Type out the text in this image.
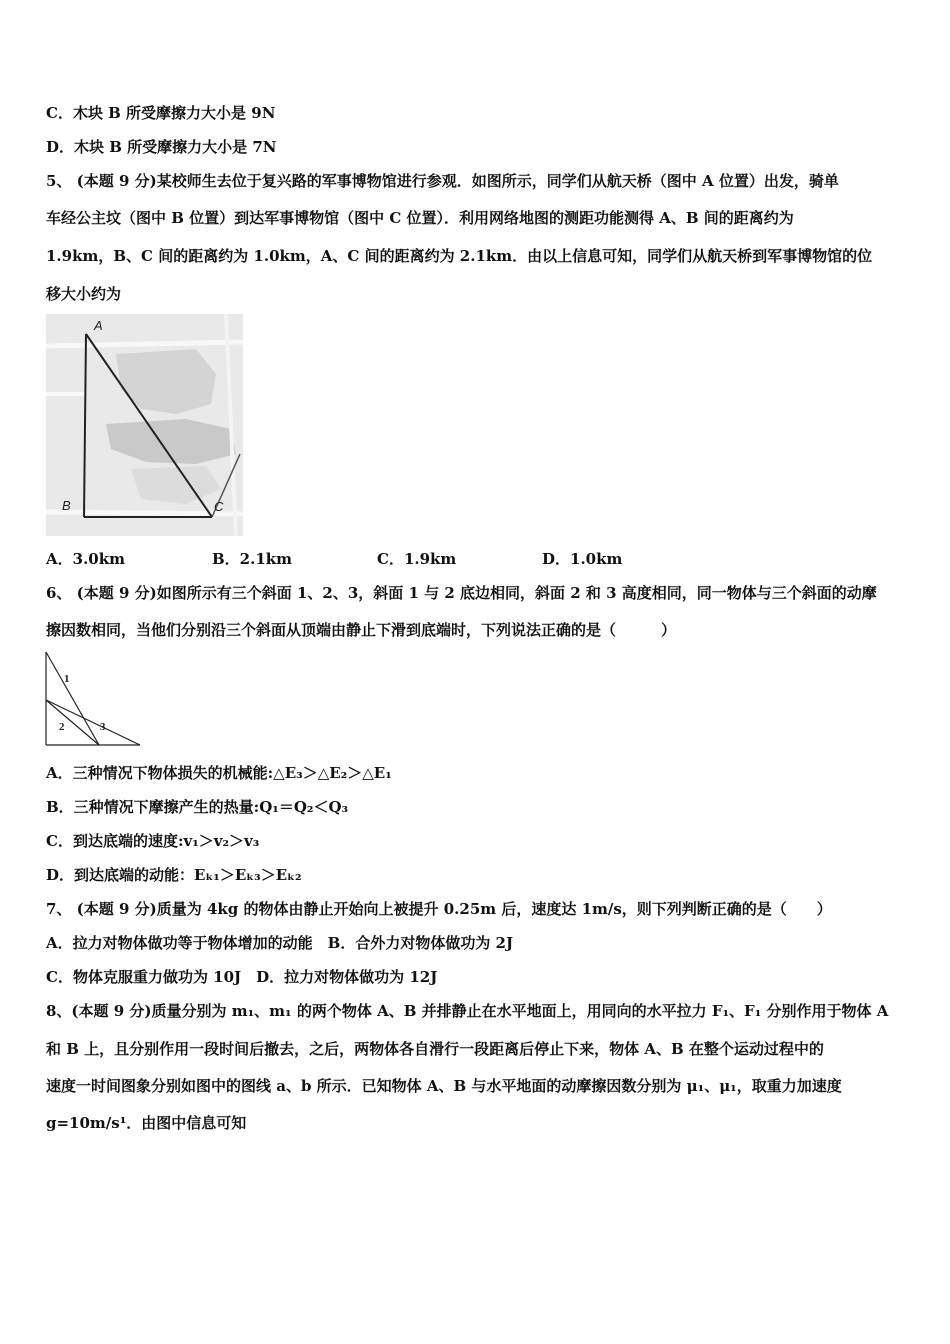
C．木块 B 所受摩擦力大小是 9N
D．木块 B 所受摩擦力大小是 7N
5、 (本题 9 分)某校师生去位于复兴路的军事博物馆进行参观．如图所示，同学们从航天桥（图中 A 位置）出发，骑单
车经公主坟（图中 B 位置）到达军事博物馆（图中 C 位置）．利用网络地图的测距功能测得 A、B 间的距离约为
1.9km，B、C 间的距离约为 1.0km，A、C 间的距离约为 2.1km．由以上信息可知，同学们从航天桥到军事博物馆的位
移大小约为
A
B	C
A．3.0km	B．2.1km	C．1.9km	D．1.0km
6、 (本题 9 分)如图所示有三个斜面 1、2、3，斜面 1 与 2 底边相同，斜面 2 和 3 高度相同，同一物体与三个斜面的动摩
擦因数相同，当他们分别沿三个斜面从顶端由静止下滑到底端时，下列说法正确的是（　　　）
1
2	3
A．三种情况下物体损失的机械能:△E₃＞△E₂＞△E₁
B．三种情况下摩擦产生的热量:Q₁＝Q₂＜Q₃
C．到达底端的速度:v₁＞v₂＞v₃
D．到达底端的动能：Eₖ₁＞Eₖ₃＞Eₖ₂
7、 (本题 9 分)质量为 4kg 的物体由静止开始向上被提升 0.25m 后，速度达 1m/s，则下列判断正确的是（　　）
A．拉力对物体做功等于物体增加的动能　B．合外力对物体做功为 2J
C．物体克服重力做功为 10J　D．拉力对物体做功为 12J
8、(本题 9 分)质量分别为 m₁、m₁ 的两个物体 A、B 并排静止在水平地面上，用同向的水平拉力 F₁、F₁ 分别作用于物体 A
和 B 上，且分别作用一段时间后撤去，之后，两物体各自滑行一段距离后停止下来，物体 A、B 在整个运动过程中的
速度一时间图象分别如图中的图线 a、b 所示．已知物体 A、B 与水平地面的动摩擦因数分别为 μ₁、μ₁，取重力加速度
g=10m/s¹．由图中信息可知
